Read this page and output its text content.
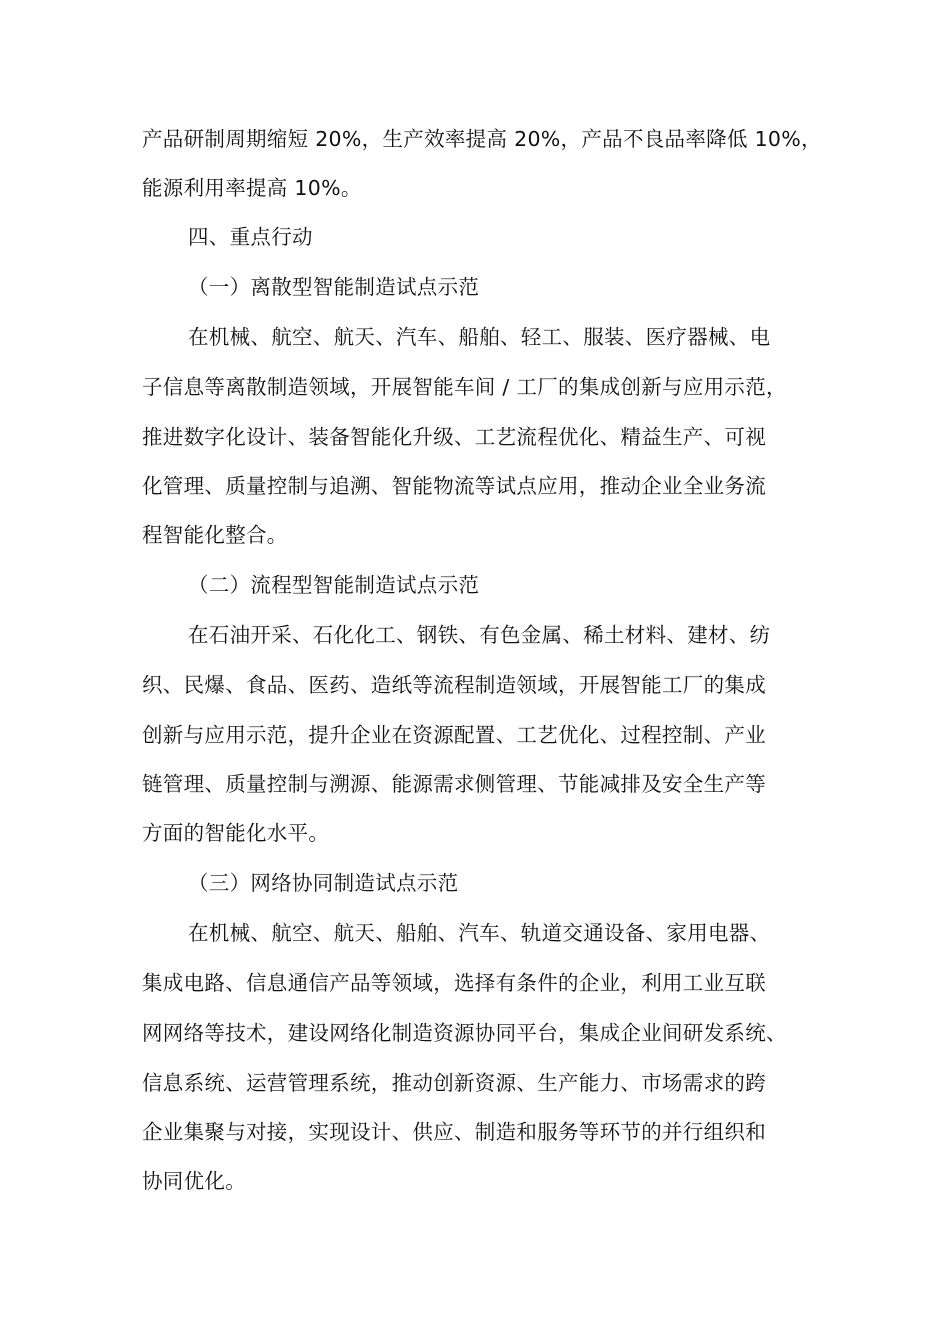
产品研制周期缩短 20%，生产效率提高 20%，产品不良品率降低 10%，
能源利用率提高 10%。
四、重点行动
（一）离散型智能制造试点示范
在机械、航空、航天、汽车、船舶、轻工、服装、医疗器械、电
子信息等离散制造领域，开展智能车间 / 工厂的集成创新与应用示范，
推进数字化设计、装备智能化升级、工艺流程优化、精益生产、可视
化管理、质量控制与追溯、智能物流等试点应用，推动企业全业务流
程智能化整合。
（二）流程型智能制造试点示范
在石油开采、石化化工、钢铁、有色金属、稀土材料、建材、纺
织、民爆、食品、医药、造纸等流程制造领域，开展智能工厂的集成
创新与应用示范，提升企业在资源配置、工艺优化、过程控制、产业
链管理、质量控制与溯源、能源需求侧管理、节能减排及安全生产等
方面的智能化水平。
（三）网络协同制造试点示范
在机械、航空、航天、船舶、汽车、轨道交通设备、家用电器、
集成电路、信息通信产品等领域，选择有条件的企业，利用工业互联
网网络等技术，建设网络化制造资源协同平台，集成企业间研发系统、
信息系统、运营管理系统，推动创新资源、生产能力、市场需求的跨
企业集聚与对接，实现设计、供应、制造和服务等环节的并行组织和
协同优化。
